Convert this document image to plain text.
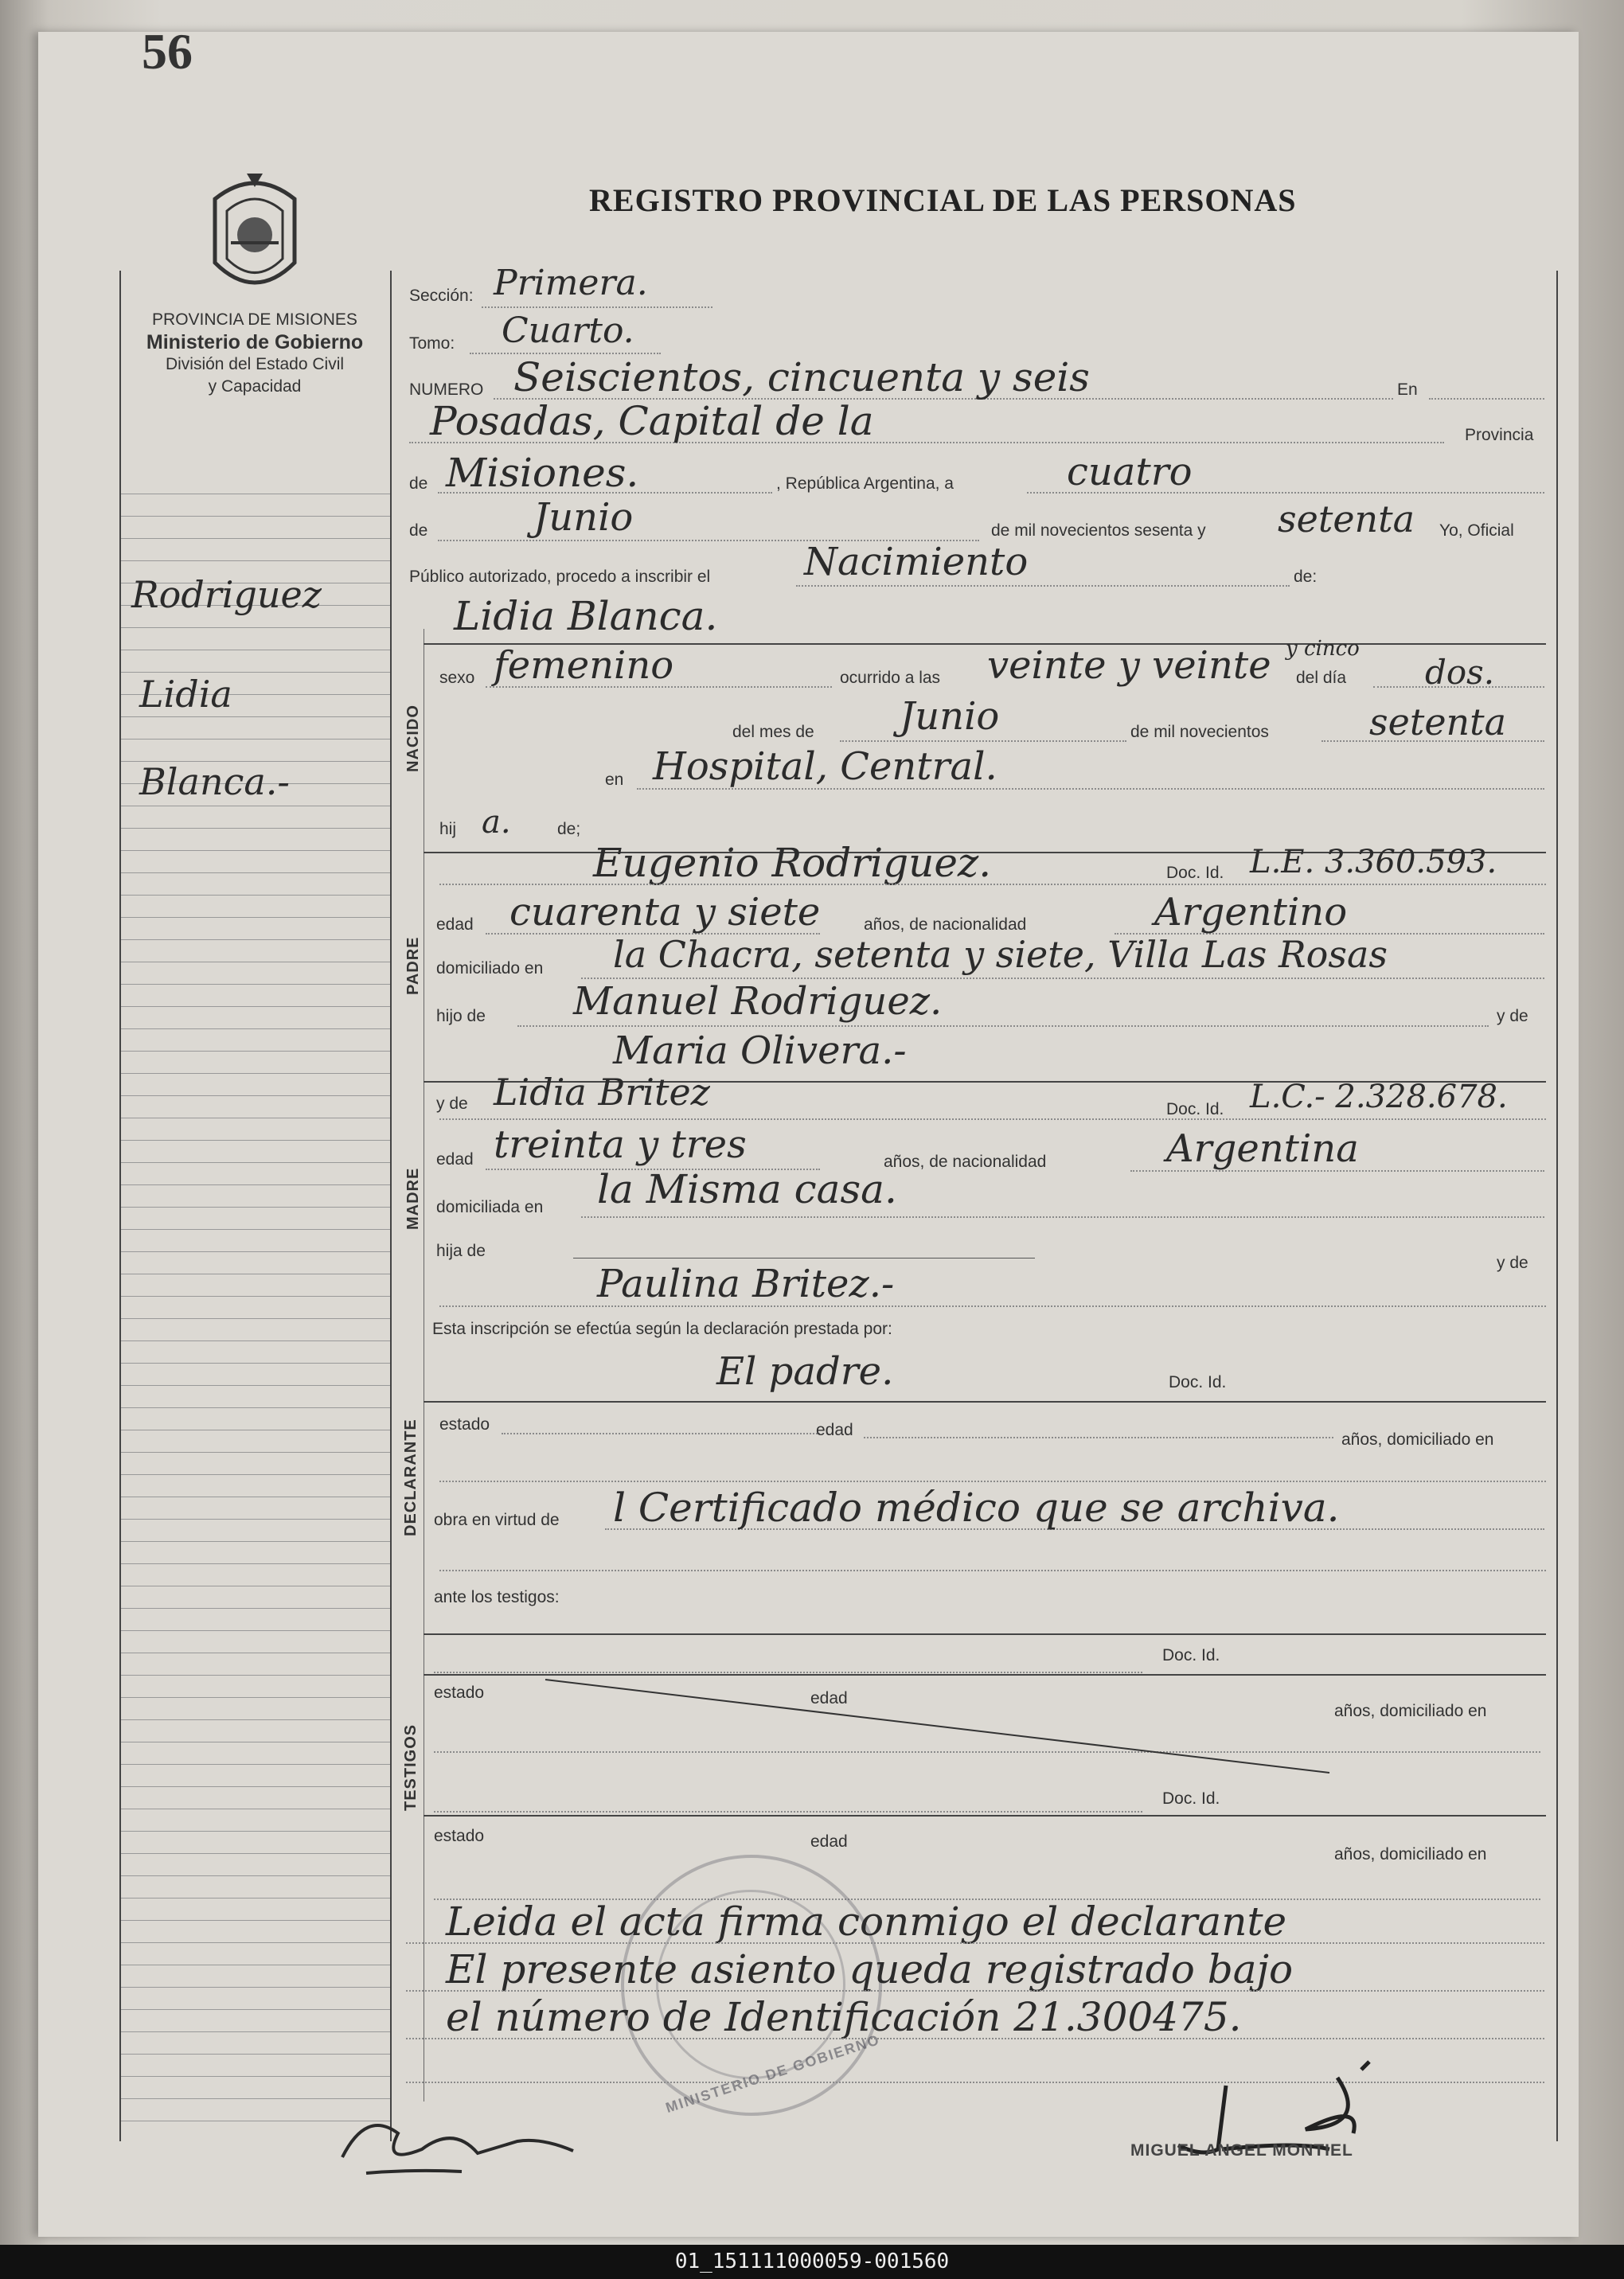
56
REGISTRO PROVINCIAL DE LAS PERSONAS
PROVINCIA DE MISIONES
Ministerio de Gobierno
División del Estado Civil
y Capacidad
Rodriguez
Lidia
Blanca.-
Sección: Primera.
Tomo: Cuarto.
NUMERO Seiscientos, cincuenta y seis	En
Posadas, Capital de la	Provincia
de Misiones.	, República Argentina, a	cuatro
de	Junio	de mil novecientos sesenta y setenta Yo, Oficial
Público autorizado, procedo a inscribir el Nacimiento	de:
Lidia Blanca.
NACIDO
sexo femenino	ocurrido a las veinte y veinte y cinco
del día dos.
del mes de Junio	de mil novecientos	setenta
en Hospital, Central.
hij a.	de;
Eugenio Rodriguez.	Doc. Id. L.E. 3.360.593.
PADRE
edad cuarenta y siete	años, de nacionalidad	Argentino
domiciliado en la Chacra, setenta y siete, Villa Las Rosas
hijo de Manuel Rodriguez.	y de
Maria Olivera.-
y de Lidia Britez	Doc. Id. L.C.- 2.328.678.
MADRE
edad treinta y tres	años, de nacionalidad	Argentina
domiciliada en la Misma casa.
hija de
y de
Paulina Britez.-
Esta inscripción se efectúa según la declaración prestada por:
El padre.	Doc. Id.
DECLARANTE estado	edad
años, domiciliado en
obra en virtud de l Certificado médico que se archiva.
ante los testigos:
Doc. Id.
TESTIGOS
estado	edad
años, domiciliado en
Doc. Id.
estado	edad
años, domiciliado en
MINISTERIO DE GOBIERNO
Leida el acta firma conmigo el declarante
El presente asiento queda registrado bajo
el número de Identificación 21.300475.
MIGUEL ANGEL MONTIEL
01_151111000059-001560
